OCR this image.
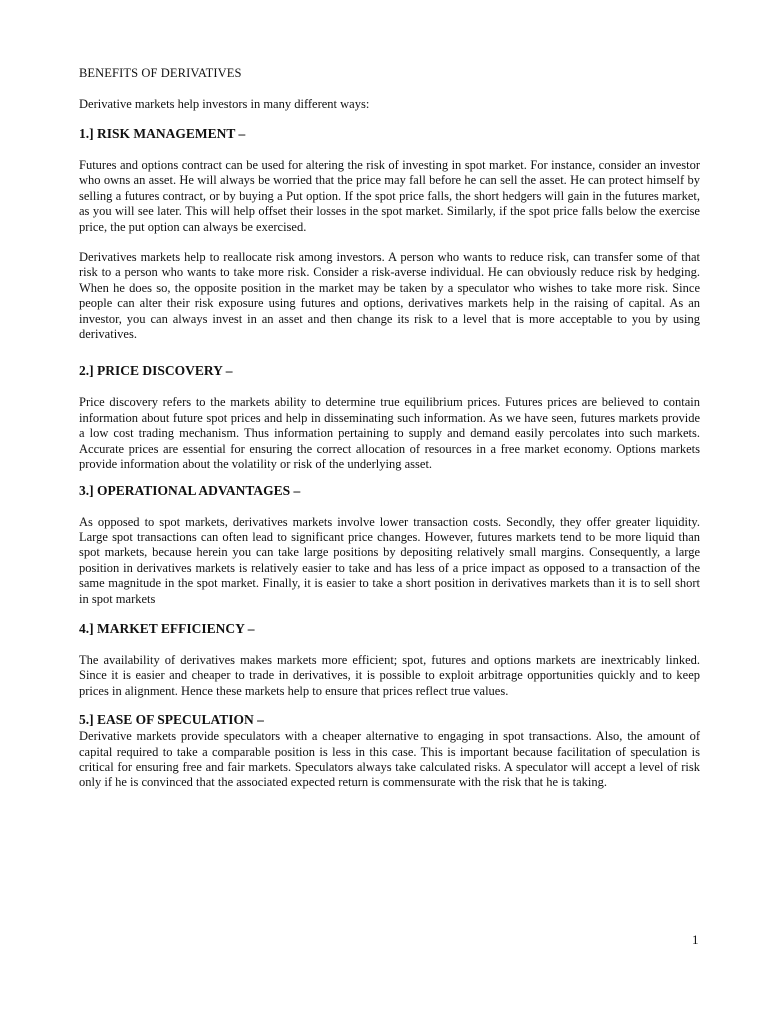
BENEFITS OF DERIVATIVES
Derivative markets help investors in many different ways:
1.] RISK MANAGEMENT –

Futures and options contract can be used for altering the risk of investing in spot market. For instance, consider an investor who owns an asset. He will always be worried that the price may fall before he can sell the asset. He can protect himself by selling a futures contract, or by buying a Put option. If the spot price falls, the short hedgers will gain in the futures market, as you will see later. This will help offset their losses in the spot market. Similarly, if the spot price falls below the exercise price, the put option can always be exercised.

Derivatives markets help to reallocate risk among investors. A person who wants to reduce risk, can transfer some of that risk to a person who wants to take more risk. Consider a risk-averse individual. He can obviously reduce risk by hedging. When he does so, the opposite position in the market may be taken by a speculator who wishes to take more risk. Since people can alter their risk exposure using futures and options, derivatives markets help in the raising of capital. As an investor, you can always invest in an asset and then change its risk to a level that is more acceptable to you by using derivatives.

2.] PRICE DISCOVERY –

Price discovery refers to the markets ability to determine true equilibrium prices. Futures prices are believed to contain information about future spot prices and help in disseminating such information. As we have seen, futures markets provide a low cost trading mechanism. Thus information pertaining to supply and demand easily percolates into such markets. Accurate prices are essential for ensuring the correct allocation of resources in a free market economy. Options markets provide information about the volatility or risk of the underlying asset.

3.] OPERATIONAL ADVANTAGES –

As opposed to spot markets, derivatives markets involve lower transaction costs. Secondly, they offer greater liquidity. Large spot transactions can often lead to significant price changes. However, futures markets tend to be more liquid than spot markets, because herein you can take large positions by depositing relatively small margins. Consequently, a large position in derivatives markets is relatively easier to take and has less of a price impact as opposed to a transaction of the same magnitude in the spot market. Finally, it is easier to take a short position in derivatives markets than it is to sell short in spot markets

4.] MARKET EFFICIENCY –

The availability of derivatives makes markets more efficient; spot, futures and options markets are inextricably linked. Since it is easier and cheaper to trade in derivatives, it is possible to exploit arbitrage opportunities quickly and to keep prices in alignment. Hence these markets help to ensure that prices reflect true values.

5.] EASE OF SPECULATION –

Derivative markets provide speculators with a cheaper alternative to engaging in spot transactions. Also, the amount of capital required to take a comparable position is less in this case. This is important because facilitation of speculation is critical for ensuring free and fair markets. Speculators always take calculated risks. A speculator will accept a level of risk only if he is convinced that the associated expected return is commensurate with the risk that he is taking.

1
